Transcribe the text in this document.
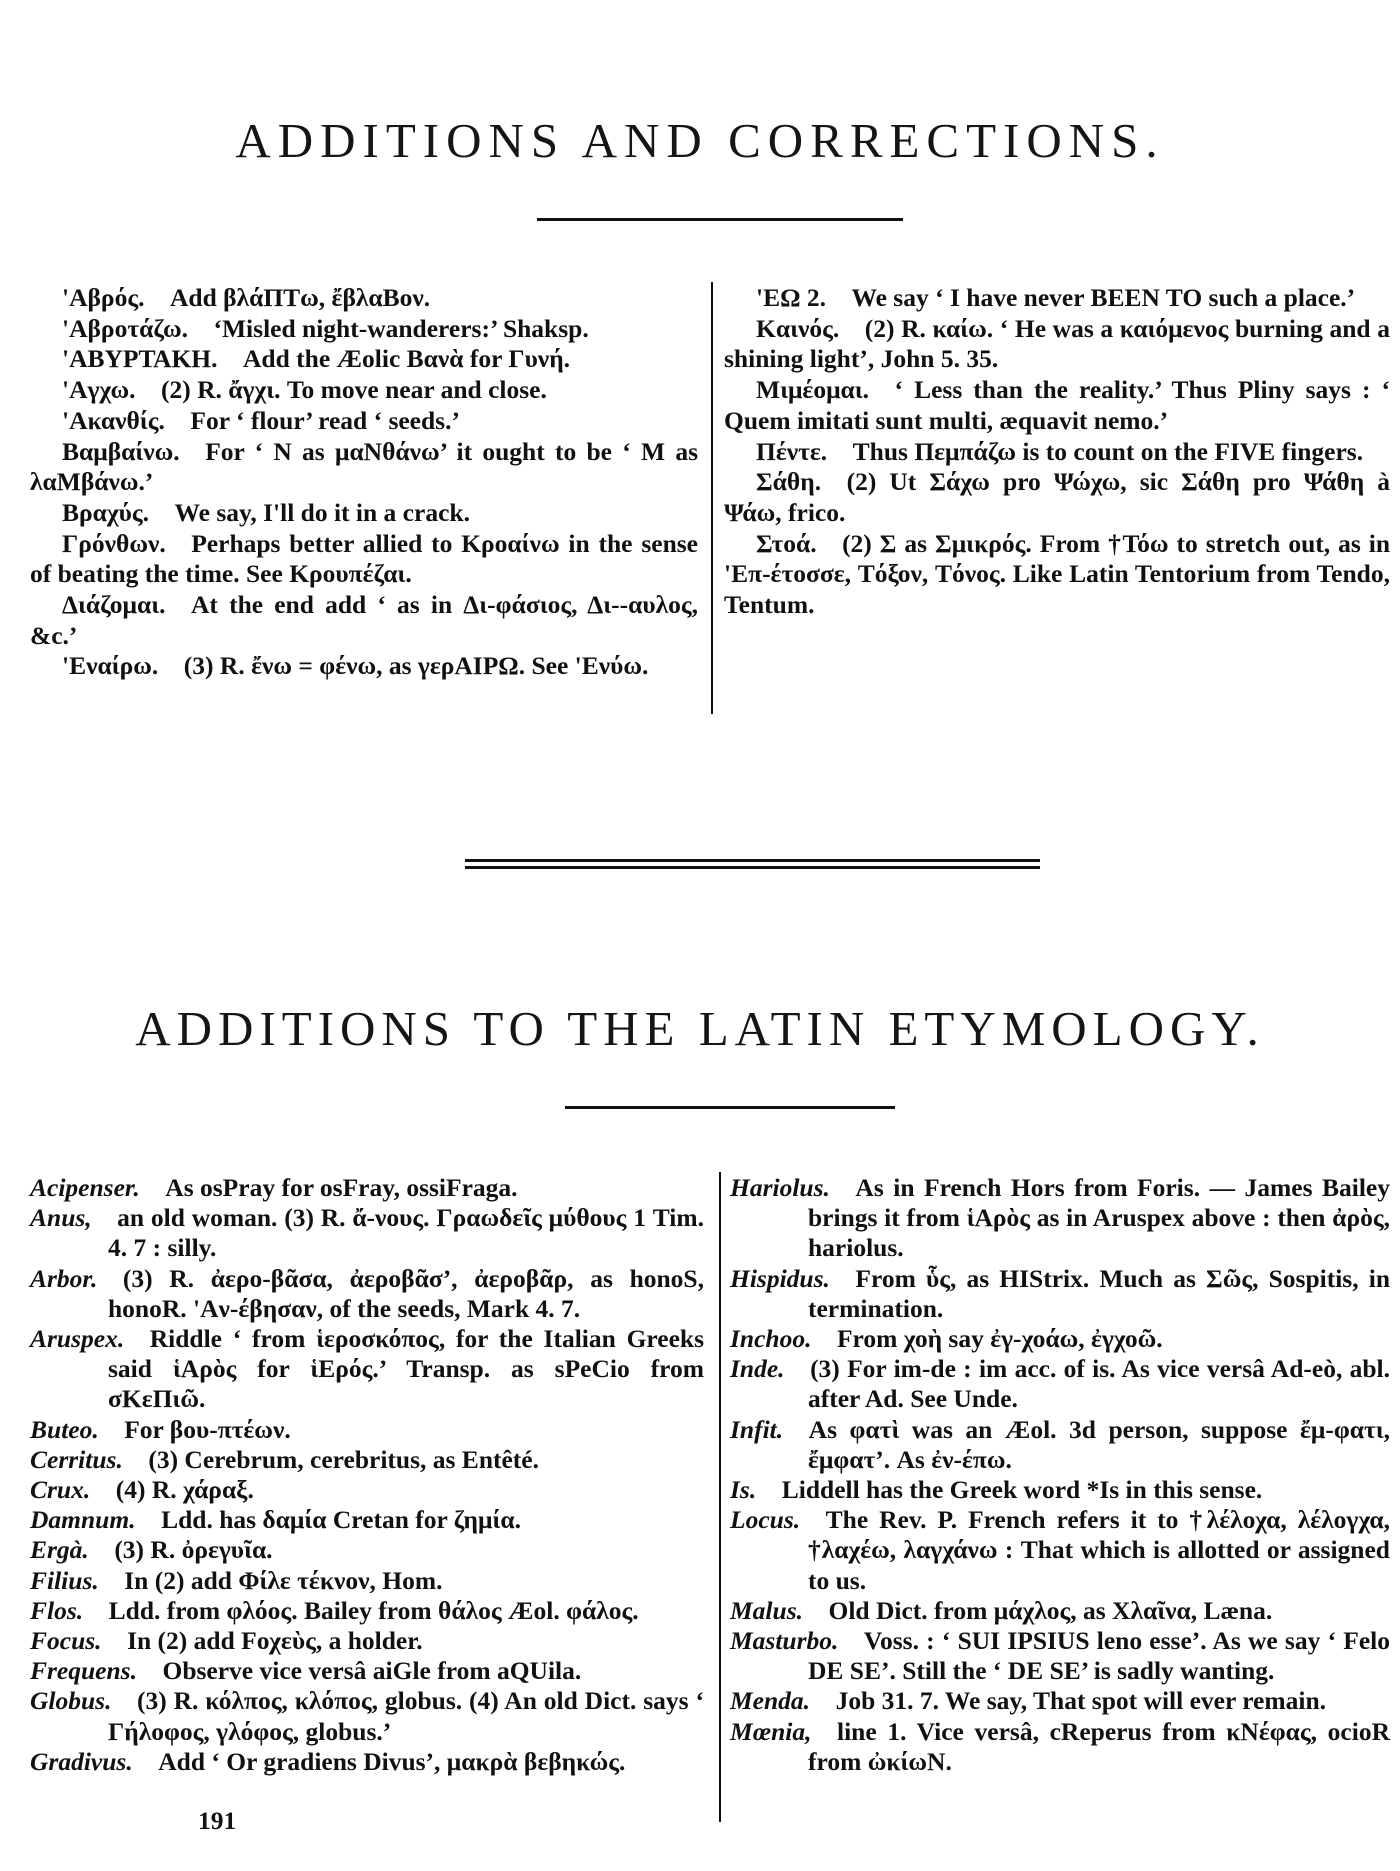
ADDITIONS AND CORRECTIONS.

'Aβρός.  Add βλάΠΤω, ἔβλαΒον.

'Aβροτάζω.  ‘Misled night-wanderers:’ Shaksp.

'ABΥΡΤΑΚΗ.  Add the Æolic Bανὰ for Γυνή.

'Aγχω.  (2) R. ἄγχι. To move near and close.

'Aκανθίς.  For ‘ flour’ read ‘ seeds.’

Bαμβαίνω.  For ‘ N as μαΝθάνω’ it ought to be ‘ M as λαΜβάνω.’

Bραχύς.  We say, I'll do it in a crack.

Γρόνθων.  Perhaps better allied to Kροαίνω in the sense of beating the time. See Kρουπέζαι.

Διάζομαι.  At the end add ‘ as in Δι-φάσιος, Δι--αυλος, &c.’

'Eναίρω.  (3) R. ἔνω = φένω, as γερΑΙΡΩ. See 'Eνύω.

'EΩ 2.  We say ‘ I have never BEEN TO such a place.’

Kαινός.  (2) R. καίω. ‘ He was a καιόμενος burning and a shining light’, John 5. 35.

Mιμέομαι.  ‘ Less than the reality.’ Thus Pliny says : ‘ Quem imitati sunt multi, æquavit nemo.’

Πέντε.  Thus Πεμπάζω is to count on the FIVE fingers.

Σάθη.  (2) Ut Σάχω pro Ψώχω, sic Σάθη pro Ψάθη à Ψάω, frico.

Στοά.  (2) Σ as Σμικρός. From †Τόω to stretch out, as in 'Eπ-έτοσσε, Tόξον, Tόνος. Like Latin Tentorium from Tendo, Tentum.

ADDITIONS TO THE LATIN ETYMOLOGY.

Acipenser.  As osPray for osFray, ossiFraga.

Anus,  an old woman. (3) R. ἄ-νους. Γραωδεῖς μύθους 1 Tim. 4. 7 : silly.

Arbor.  (3) R. ἀερο-βᾶσα, ἀεροβᾶσ’, ἀεροβᾶρ, as honoS, honoR. 'Aν-έβησαν, of the seeds, Mark 4. 7.

Aruspex.  Riddle ‘ from ἱεροσκόπος, for the Italian Greeks said ἱΑρὸς for ἱΕρός.’ Transp. as sPeCio from σΚεΠιῶ.

Buteo.  For βου-πτέων.

Cerritus.  (3) Cerebrum, cerebritus, as Entêté.

Crux.  (4) R. χάραξ.

Damnum.  Ldd. has δαμία Cretan for ζημία.

Ergà.  (3) R. ὀρεγυῖα.

Filius.  In (2) add Φίλε τέκνον, Hom.

Flos.  Ldd. from φλόος. Bailey from θάλος Æol. φάλος.

Focus.  In (2) add Fοχεὺς, a holder.

Frequens.  Observe vice versâ aiGle from aQUila.

Globus.  (3) R. κόλπος, κλόπος, globus. (4) An old Dict. says ‘ Γήλοφος, γλόφος, globus.’

Gradivus.  Add ‘ Or gradiens Divus’, μακρὰ βεβηκώς.

Hariolus.  As in French Hors from Foris. — James Bailey brings it from ἱΑρὸς as in Aruspex above : then ἀρὸς, hariolus.

Hispidus.  From ὗς, as HIStrix. Much as Σῶς, Sospitis, in termination.

Inchoo.  From χοὴ say ἐγ-χοάω, ἐγχοῶ.

Inde.  (3) For im-de : im acc. of is. As vice versâ Ad-eò, abl. after Ad. See Unde.

Infit.  As φατὶ was an Æol. 3d person, suppose ἔμ-φατι, ἔμφατ’. As ἐν-έπω.

Is.  Liddell has the Greek word *Is in this sense.

Locus.  The Rev. P. French refers it to †λέλοχα, λέλογχα, †λαχέω, λαγχάνω : That which is allotted or assigned to us.

Malus.  Old Dict. from μάχλος, as Xλαῖνα, Læna.

Masturbo.  Voss. : ‘ SUI IPSIUS leno esse’. As we say ‘ Felo DE SE’. Still the ‘ DE SE’ is sadly wanting.

Menda.  Job 31. 7. We say, That spot will ever remain.

Mœnia,  line 1. Vice versâ, cReperus from κΝέφας, ocioR from ὠκίωΝ.

191
